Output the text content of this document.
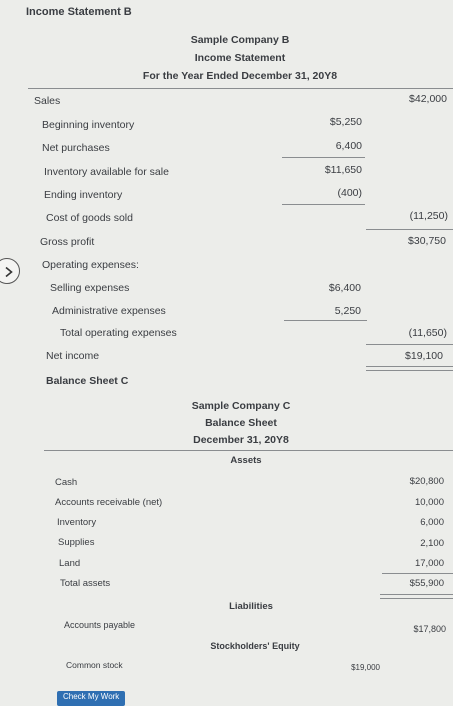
Income Statement B
Sample Company B
Income Statement
For the Year Ended December 31, 20Y8
Sales	$42,000
Beginning inventory	$5,250
Net purchases	6,400
Inventory available for sale	$11,650
Ending inventory	(400)
Cost of goods sold	(11,250)
Gross profit	$30,750
Operating expenses:
Selling expenses	$6,400
Administrative expenses	5,250
Total operating expenses	(11,650)
Net income	$19,100
Balance Sheet C
Sample Company C
Balance Sheet
December 31, 20Y8
Assets
Cash	$20,800
Accounts receivable (net)	10,000
Inventory	6,000
Supplies	2,100
Land	17,000
Total assets	$55,900
Liabilities
Accounts payable	$17,800
Stockholders' Equity
Common stock	$19,000
Check My Work
